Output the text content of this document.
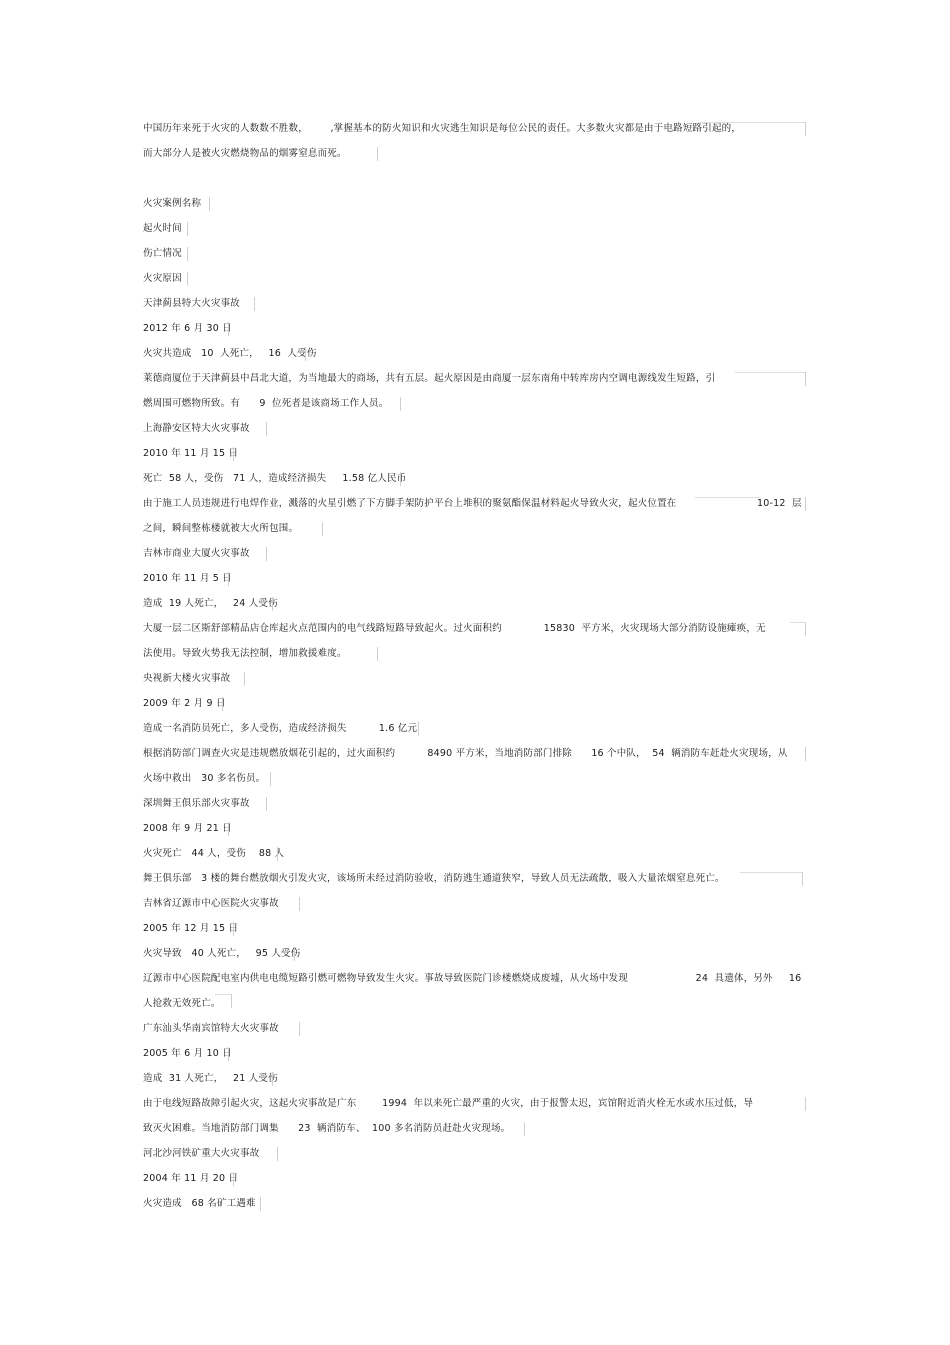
中国历年来死于火灾的人数数不胜数，       ,掌握基本的防火知识和火灾逃生知识是每位公民的责任。大多数火灾都是由于电路短路引起的，
而大部分人是被火灾燃烧物品的烟雾窒息而死。
火灾案例名称
起火时间
伤亡情况
火灾原因
天津蓟县特大火灾事故
2012 年 6 月 30 日
火灾共造成   10  人死亡，   16  人受伤
莱德商厦位于天津蓟县中昌北大道，为当地最大的商场，共有五层。起火原因是由商厦一层东南角中转库房内空调电源线发生短路，引
燃周围可燃物所致。有      9  位死者是该商场工作人员。
上海静安区特大火灾事故
2010 年 11 月 15 日
死亡  58 人，受伤   71 人，造成经济损失     1.58 亿人民币
由于施工人员违规进行电焊作业，溅落的火星引燃了下方脚手架防护平台上堆积的聚氨酯保温材料起火导致火灾，起火位置在                         10-12  层
之间，瞬间整栋楼就被大火所包围。
吉林市商业大厦火灾事故
2010 年 11 月 5 日
造成  19 人死亡，   24 人受伤
大厦一层二区斯舒部精品店仓库起火点范围内的电气线路短路导致起火。过火面积约             15830  平方米，火灾现场大部分消防设施瘫痪，无
法使用。导致火势我无法控制，增加救援难度。
央视新大楼火灾事故
2009 年 2 月 9 日
造成一名消防员死亡，多人受伤，造成经济损失          1.6 亿元
根据消防部门调查火灾是违规燃放烟花引起的，过火面积约          8490 平方米，当地消防部门排除      16 个中队，  54  辆消防车赶赴火灾现场，从
火场中救出   30 多名伤员。
深圳舞王俱乐部火灾事故
2008 年 9 月 21 日
火灾死亡   44 人，受伤    88 人
舞王俱乐部   3 楼的舞台燃放烟火引发火灾，该场所未经过消防验收，消防逃生通道狭窄，导致人员无法疏散，吸入大量浓烟窒息死亡。
吉林省辽源市中心医院火灾事故
2005 年 12 月 15 日
火灾导致   40 人死亡，   95 人受伤
辽源市中心医院配电室内供电电缆短路引燃可燃物导致发生火灾。事故导致医院门诊楼燃烧成废墟，从火场中发现                     24  具遗体，另外     16
人抢救无效死亡。
广东汕头华南宾馆特大火灾事故
2005 年 6 月 10 日
造成  31 人死亡，   21 人受伤
由于电线短路故障引起火灾，这起火灾事故是广东        1994  年以来死亡最严重的火灾，由于报警太迟，宾馆附近消火栓无水或水压过低，导
致灭火困难。当地消防部门调集      23  辆消防车、  100 多名消防员赶赴火灾现场。
河北沙河铁矿重大火灾事故
2004 年 11 月 20 日
火灾造成   68 名矿工遇难
